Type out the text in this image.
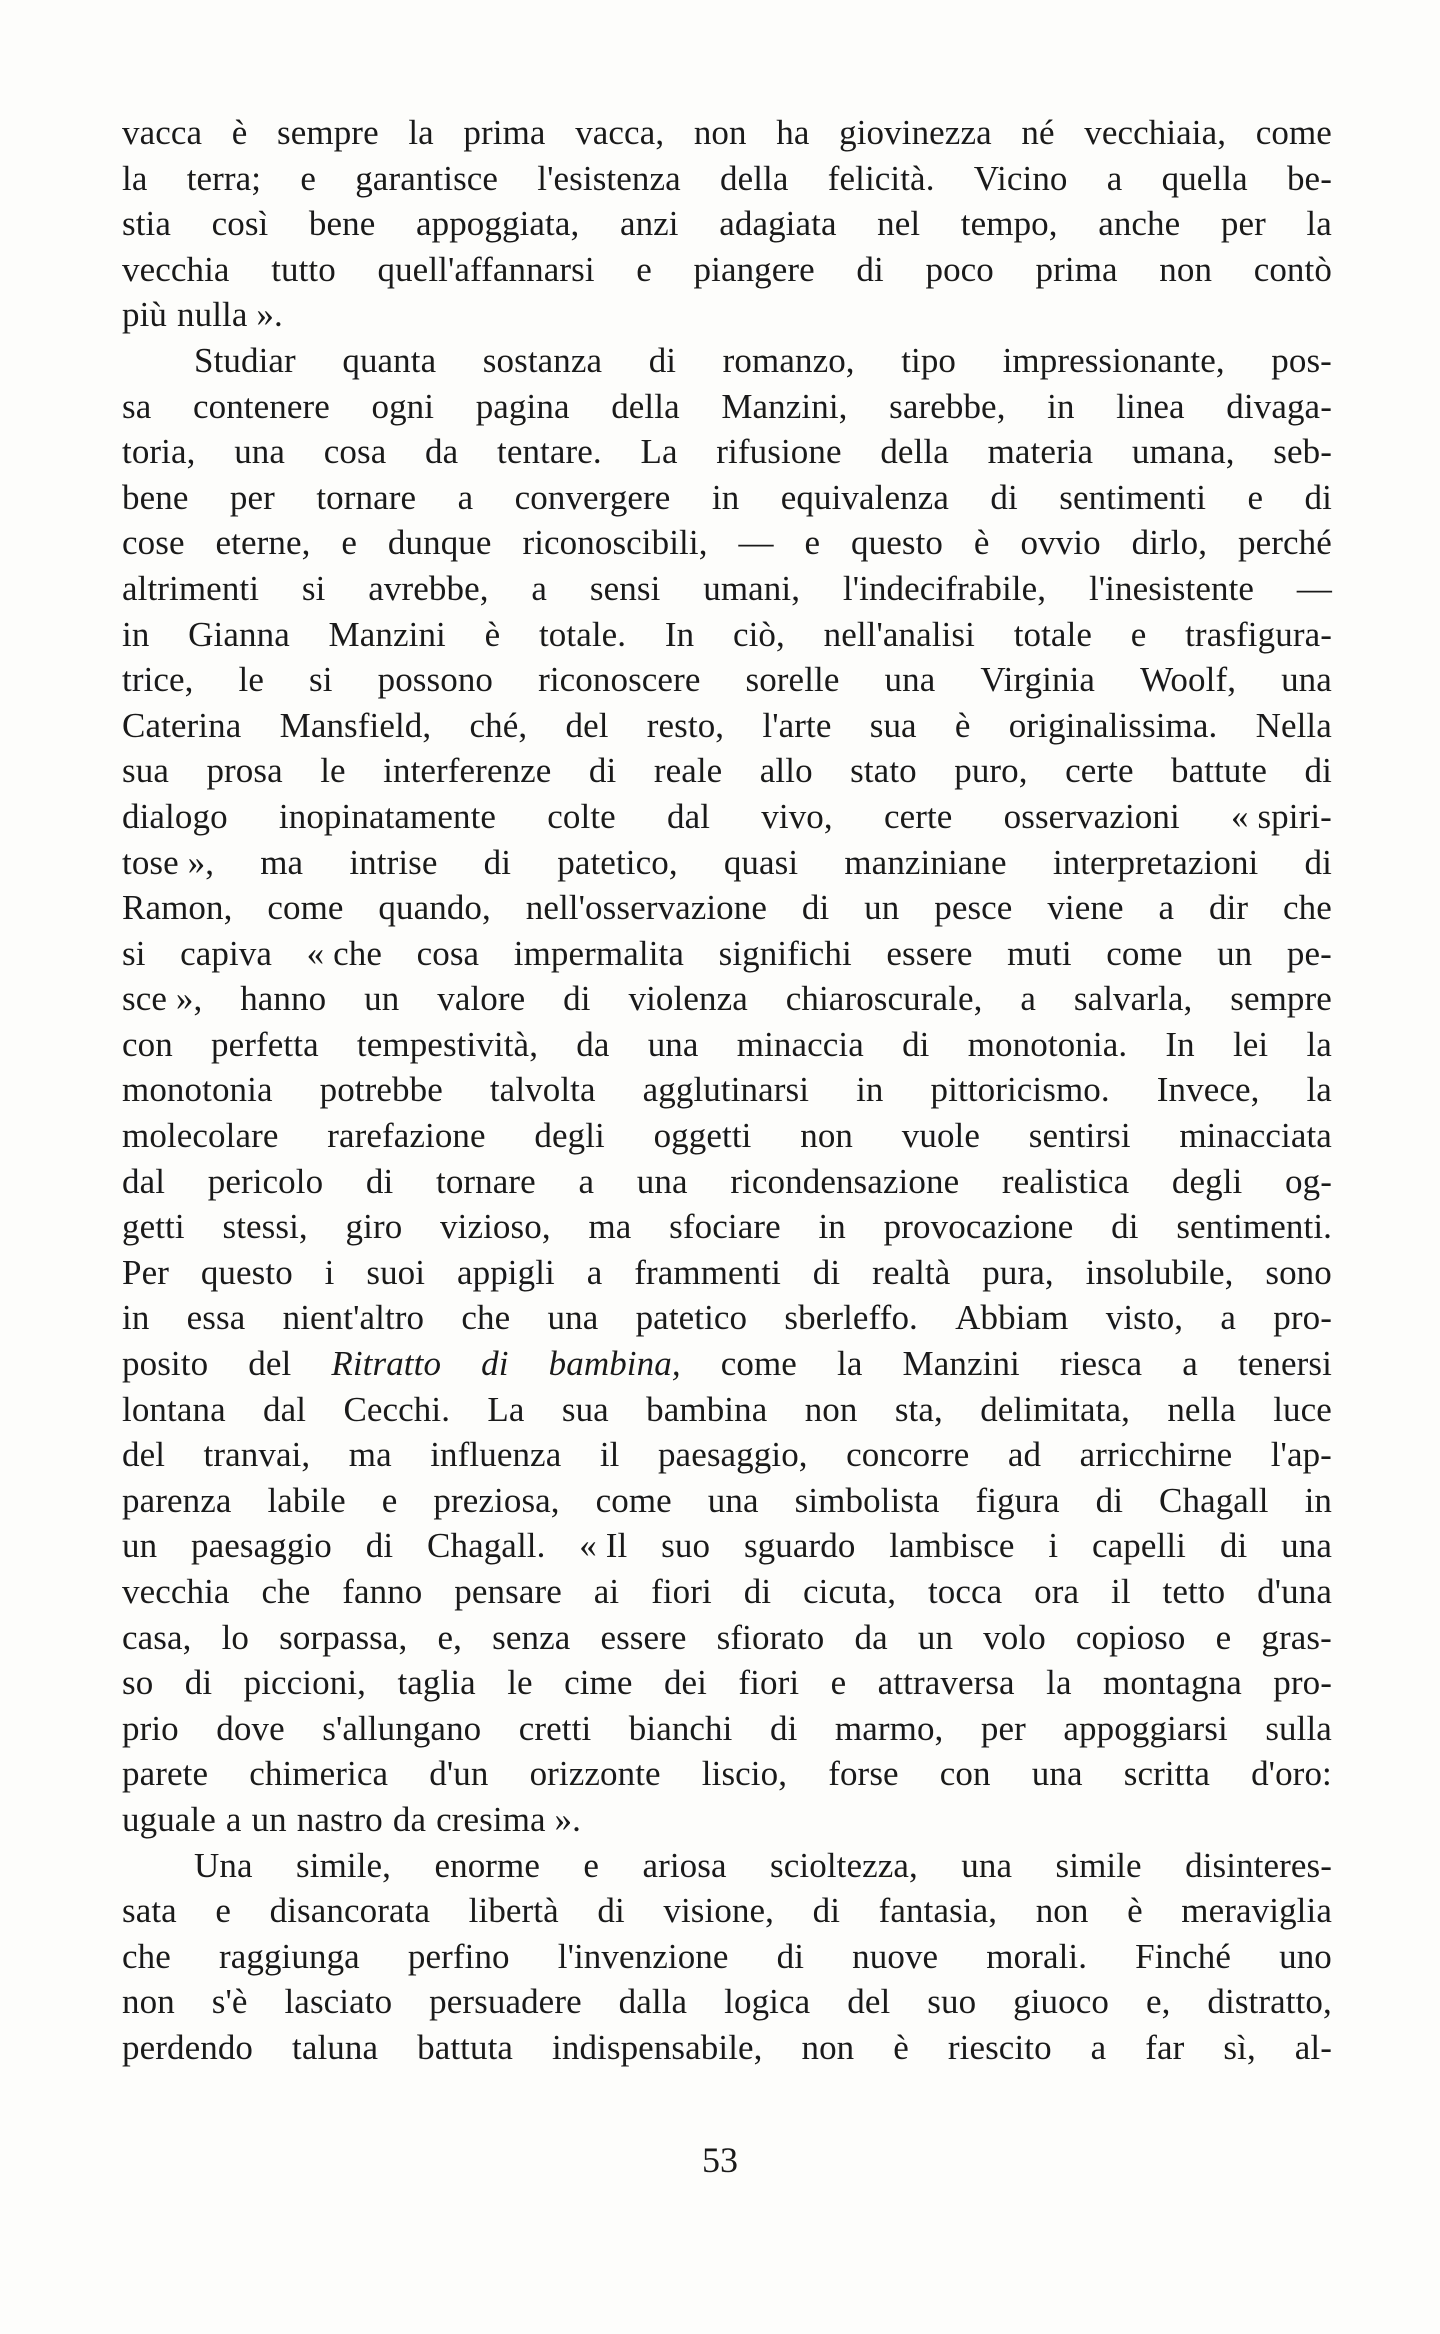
vacca è sempre la prima vacca, non ha giovinezza né vecchiaia, come
la terra; e garantisce l'esistenza della felicità. Vicino a quella be-
stia così bene appoggiata, anzi adagiata nel tempo, anche per la
vecchia tutto quell'affannarsi e piangere di poco prima non contò
più nulla ».
Studiar quanta sostanza di romanzo, tipo impressionante, pos-
sa contenere ogni pagina della Manzini, sarebbe, in linea divaga-
toria, una cosa da tentare. La rifusione della materia umana, seb-
bene per tornare a convergere in equivalenza di sentimenti e di
cose eterne, e dunque riconoscibili, — e questo è ovvio dirlo, perché
altrimenti si avrebbe, a sensi umani, l'indecifrabile, l'inesistente —
in Gianna Manzini è totale. In ciò, nell'analisi totale e trasfigura-
trice, le si possono riconoscere sorelle una Virginia Woolf, una
Caterina Mansfield, ché, del resto, l'arte sua è originalissima. Nella
sua prosa le interferenze di reale allo stato puro, certe battute di
dialogo inopinatamente colte dal vivo, certe osservazioni « spiri-
tose », ma intrise di patetico, quasi manziniane interpretazioni di
Ramon, come quando, nell'osservazione di un pesce viene a dir che
si capiva « che cosa impermalita significhi essere muti come un pe-
sce », hanno un valore di violenza chiaroscurale, a salvarla, sempre
con perfetta tempestività, da una minaccia di monotonia. In lei la
monotonia potrebbe talvolta agglutinarsi in pittoricismo. Invece, la
molecolare rarefazione degli oggetti non vuole sentirsi minacciata
dal pericolo di tornare a una ricondensazione realistica degli og-
getti stessi, giro vizioso, ma sfociare in provocazione di sentimenti.
Per questo i suoi appigli a frammenti di realtà pura, insolubile, sono
in essa nient'altro che una patetico sberleffo. Abbiam visto, a pro-
posito del Ritratto di bambina, come la Manzini riesca a tenersi
lontana dal Cecchi. La sua bambina non sta, delimitata, nella luce
del tranvai, ma influenza il paesaggio, concorre ad arricchirne l'ap-
parenza labile e preziosa, come una simbolista figura di Chagall in
un paesaggio di Chagall. « Il suo sguardo lambisce i capelli di una
vecchia che fanno pensare ai fiori di cicuta, tocca ora il tetto d'una
casa, lo sorpassa, e, senza essere sfiorato da un volo copioso e gras-
so di piccioni, taglia le cime dei fiori e attraversa la montagna pro-
prio dove s'allungano cretti bianchi di marmo, per appoggiarsi sulla
parete chimerica d'un orizzonte liscio, forse con una scritta d'oro:
uguale a un nastro da cresima ».
Una simile, enorme e ariosa scioltezza, una simile disinteres-
sata e disancorata libertà di visione, di fantasia, non è meraviglia
che raggiunga perfino l'invenzione di nuove morali. Finché uno
non s'è lasciato persuadere dalla logica del suo giuoco e, distratto,
perdendo taluna battuta indispensabile, non è riescito a far sì, al-
53
